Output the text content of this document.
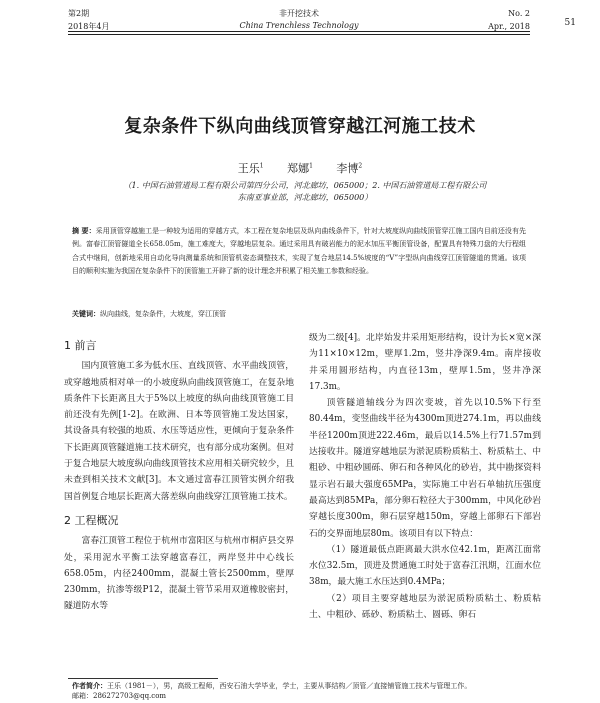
第2期	非开挖技术	No. 2
2018年4月	China Trenchless Technology	Apr., 2018	51
复杂条件下纵向曲线顶管穿越江河施工技术
王乐$^1$ 郑娜$^1$ 李博$^2$
（1. 中国石油管道局工程有限公司第四分公司，河北廊坊，065000；2. 中国石油管道局工程有限公司
东南亚事业部，河北廊坊，065000）
摘 要：采用顶管穿越施工是一种较为适用的穿越方式，本工程在复杂地层及纵向曲线条件下，针对大坡度纵向曲线顶管穿江施工国内目前还没有先例。富春江顶管隧道全长658.05m，施工难度大，穿越地层复杂。通过采用具有破岩能力的泥水加压平衡顶管设备，配置具有特殊刀盘的大行程组合式中继间，创新地采用自动化导向测量系统和顶管机姿态调整技术，实现了复合地层14.5%坡度的“V”字型纵向曲线穿江顶管隧道的贯通。该项目的顺利实施为我国在复杂条件下的顶管施工开辟了新的设计理念并积累了相关施工参数和经验。
关键词：纵向曲线，复杂条件，大坡度，穿江顶管
1 前言

国内顶管施工多为低水压、直线顶管、水平曲线顶管，或穿越地质相对单一的小坡度纵向曲线顶管施工，在复杂地质条件下长距离且大于5%以上坡度的纵向曲线顶管施工目前还没有先例[1-2]。在欧洲、日本等顶管施工发达国家，其设备具有较强的地质、水压等适应性，更倾向于复杂条件下长距离顶管隧道施工技术研究，也有部分成功案例。但对于复合地层大坡度纵向曲线顶管技术应用相关研究较少，且未查到相关技术文献[3]。本文通过富春江顶管实例介绍我国首例复合地层长距离大落差纵向曲线穿江顶管施工技术。

2 工程概况

富春江顶管工程位于杭州市富阳区与杭州市桐庐县交界处，采用泥水平衡工法穿越富春江，两岸竖井中心线长658.05m，内径2400mm，混凝土管长2500mm，壁厚230mm，抗渗等级P12，混凝土管节采用双道橡胶密封，隧道防水等

级为二级[4]。北岸始发井采用矩形结构，设计为长×宽×深为11×10×12m，壁厚1.2m，竖井净深9.4m。南岸接收井采用圆形结构，内直径13m，壁厚1.5m，竖井净深17.3m。

顶管隧道轴线分为四次变坡，首先以10.5%下行至80.44m，变竖曲线半径为4300m顶进274.1m，再以曲线半径1200m顶进222.46m，最后以14.5%上行71.57m到达接收井。隧道穿越地层为淤泥质粉质粘土、粉质粘土、中粗砂、中粗砂圆砾、卵石和各种风化的砂岩，其中勘探资料显示岩石最大强度65MPa，实际施工中岩石单轴抗压强度最高达到85MPa，部分卵石粒径大于300mm，中风化砂岩穿越长度300m，卵石层穿越150m，穿越上部卵石下部岩石的交界面地层80m。该项目有以下特点：

（1）隧道最低点距离最大洪水位42.1m，距离江面常水位32.5m，顶进及贯通施工时处于富春江汛期，江面水位38m，最大施工水压达到0.4MPa；

（2）项目主要穿越地层为淤泥质粉质粘土、粉质粘土、中粗砂、砾砂、粉质粘土、圆砾、卵石

作者简介：王乐（1981－），男，高级工程师，西安石油大学毕业，学士，主要从事结构／顶管／直接铺管施工技术与管理工作。
邮箱：286272703@qq.com
